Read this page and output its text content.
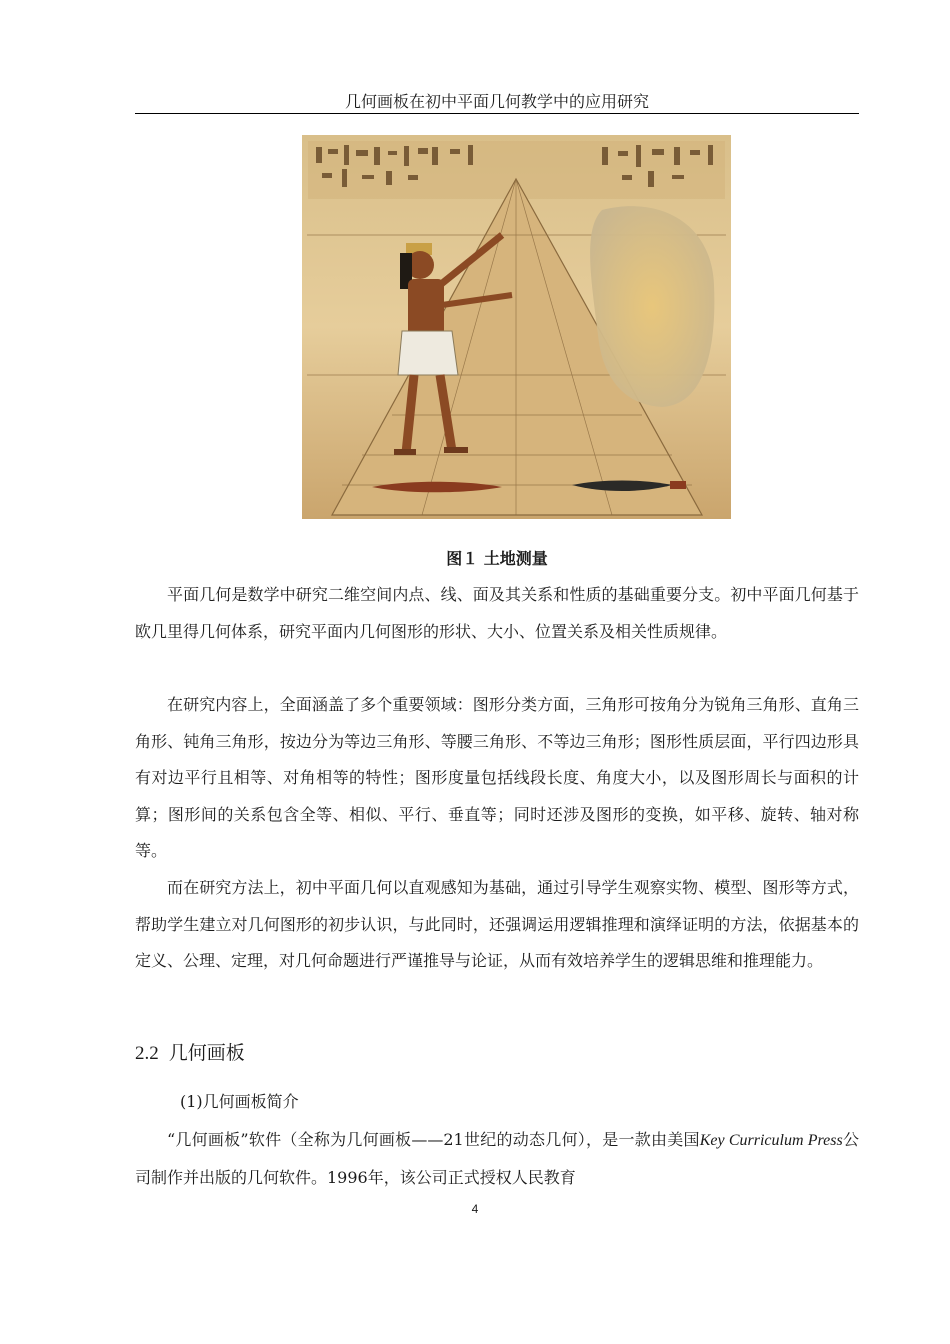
几何画板在初中平面几何教学中的应用研究
图１ 土地测量

平面几何是数学中研究二维空间内点、线、面及其关系和性质的基础重要分支。初中平面几何基于欧几里得几何体系，研究平面内几何图形的形状、大小、位置关系及相关性质规律。

在研究内容上，全面涵盖了多个重要领域：图形分类方面，三角形可按角分为锐角三角形、直角三角形、钝角三角形，按边分为等边三角形、等腰三角形、不等边三角形；图形性质层面，平行四边形具有对边平行且相等、对角相等的特性；图形度量包括线段长度、角度大小，以及图形周长与面积的计算；图形间的关系包含全等、相似、平行、垂直等；同时还涉及图形的变换，如平移、旋转、轴对称等。

而在研究方法上，初中平面几何以直观感知为基础，通过引导学生观察实物、模型、图形等方式，帮助学生建立对几何图形的初步认识，与此同时，还强调运用逻辑推理和演绎证明的方法，依据基本的定义、公理、定理，对几何命题进行严谨推导与论证，从而有效培养学生的逻辑思维和推理能力。

2.2 几何画板
(1)几何画板简介

“几何画板”软件（全称为几何画板——21世纪的动态几何），是一款由美国Key Curriculum Press公司制作并出版的几何软件。1996年，该公司正式授权人民教育

4
